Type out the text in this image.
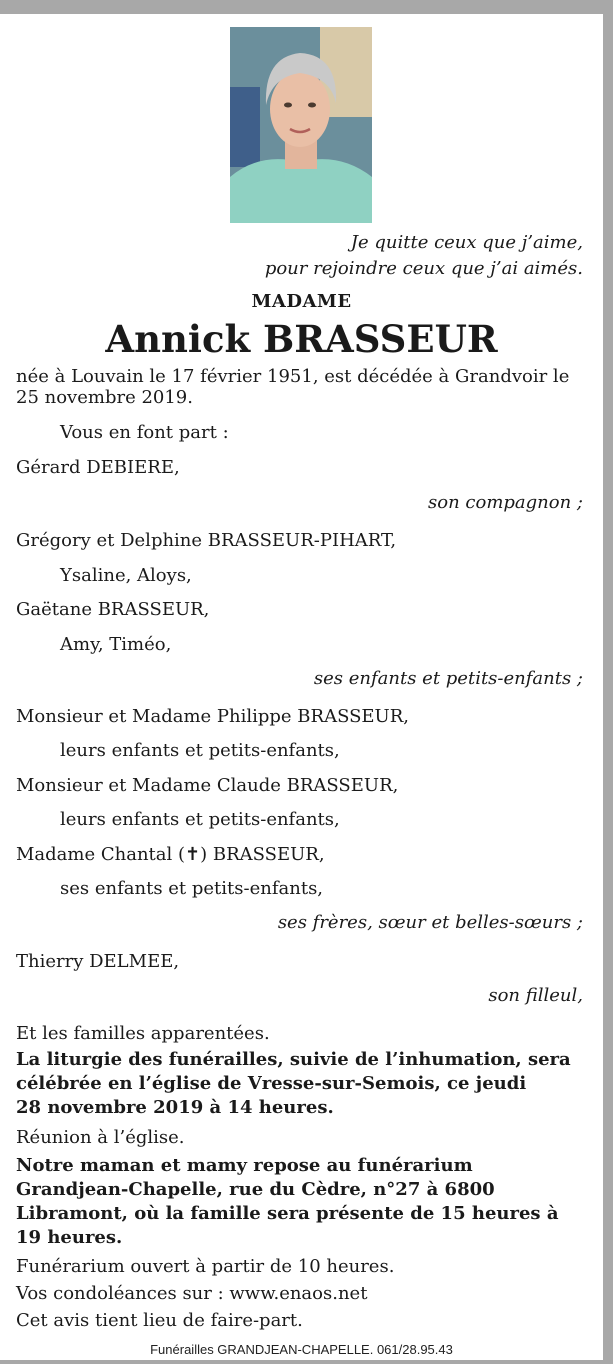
Je quitte ceux que j’aime,
pour rejoindre ceux que j’ai aimés.
MADAME
Annick BRASSEUR
née à Louvain le 17 février 1951, est décédée à Grandvoir le
25 novembre 2019.
Vous en font part :
Gérard DEBIERE,
son compagnon ;
Grégory et Delphine BRASSEUR-PIHART,
Ysaline, Aloys,
Gaëtane BRASSEUR,
Amy, Timéo,
ses enfants et petits-enfants ;
Monsieur et Madame Philippe BRASSEUR,
leurs enfants et petits-enfants,
Monsieur et Madame Claude BRASSEUR,
leurs enfants et petits-enfants,
Madame Chantal (✝) BRASSEUR,
ses enfants et petits-enfants,
ses frères, sœur et belles-sœurs ;
Thierry DELMEE,
son filleul,
Et les familles apparentées.
La liturgie des funérailles, suivie de l’inhumation, sera
célébrée en l’église de Vresse-sur-Semois, ce jeudi
28 novembre 2019 à 14 heures.
Réunion à l’église.
Notre maman et mamy repose au funérarium
Grandjean-Chapelle, rue du Cèdre, n°27 à 6800
Libramont, où la famille sera présente de 15 heures à
19 heures.
Funérarium ouvert à partir de 10 heures.
Vos condoléances sur : www.enaos.net
Cet avis tient lieu de faire-part.
Funérailles GRANDJEAN-CHAPELLE. 061/28.95.43
